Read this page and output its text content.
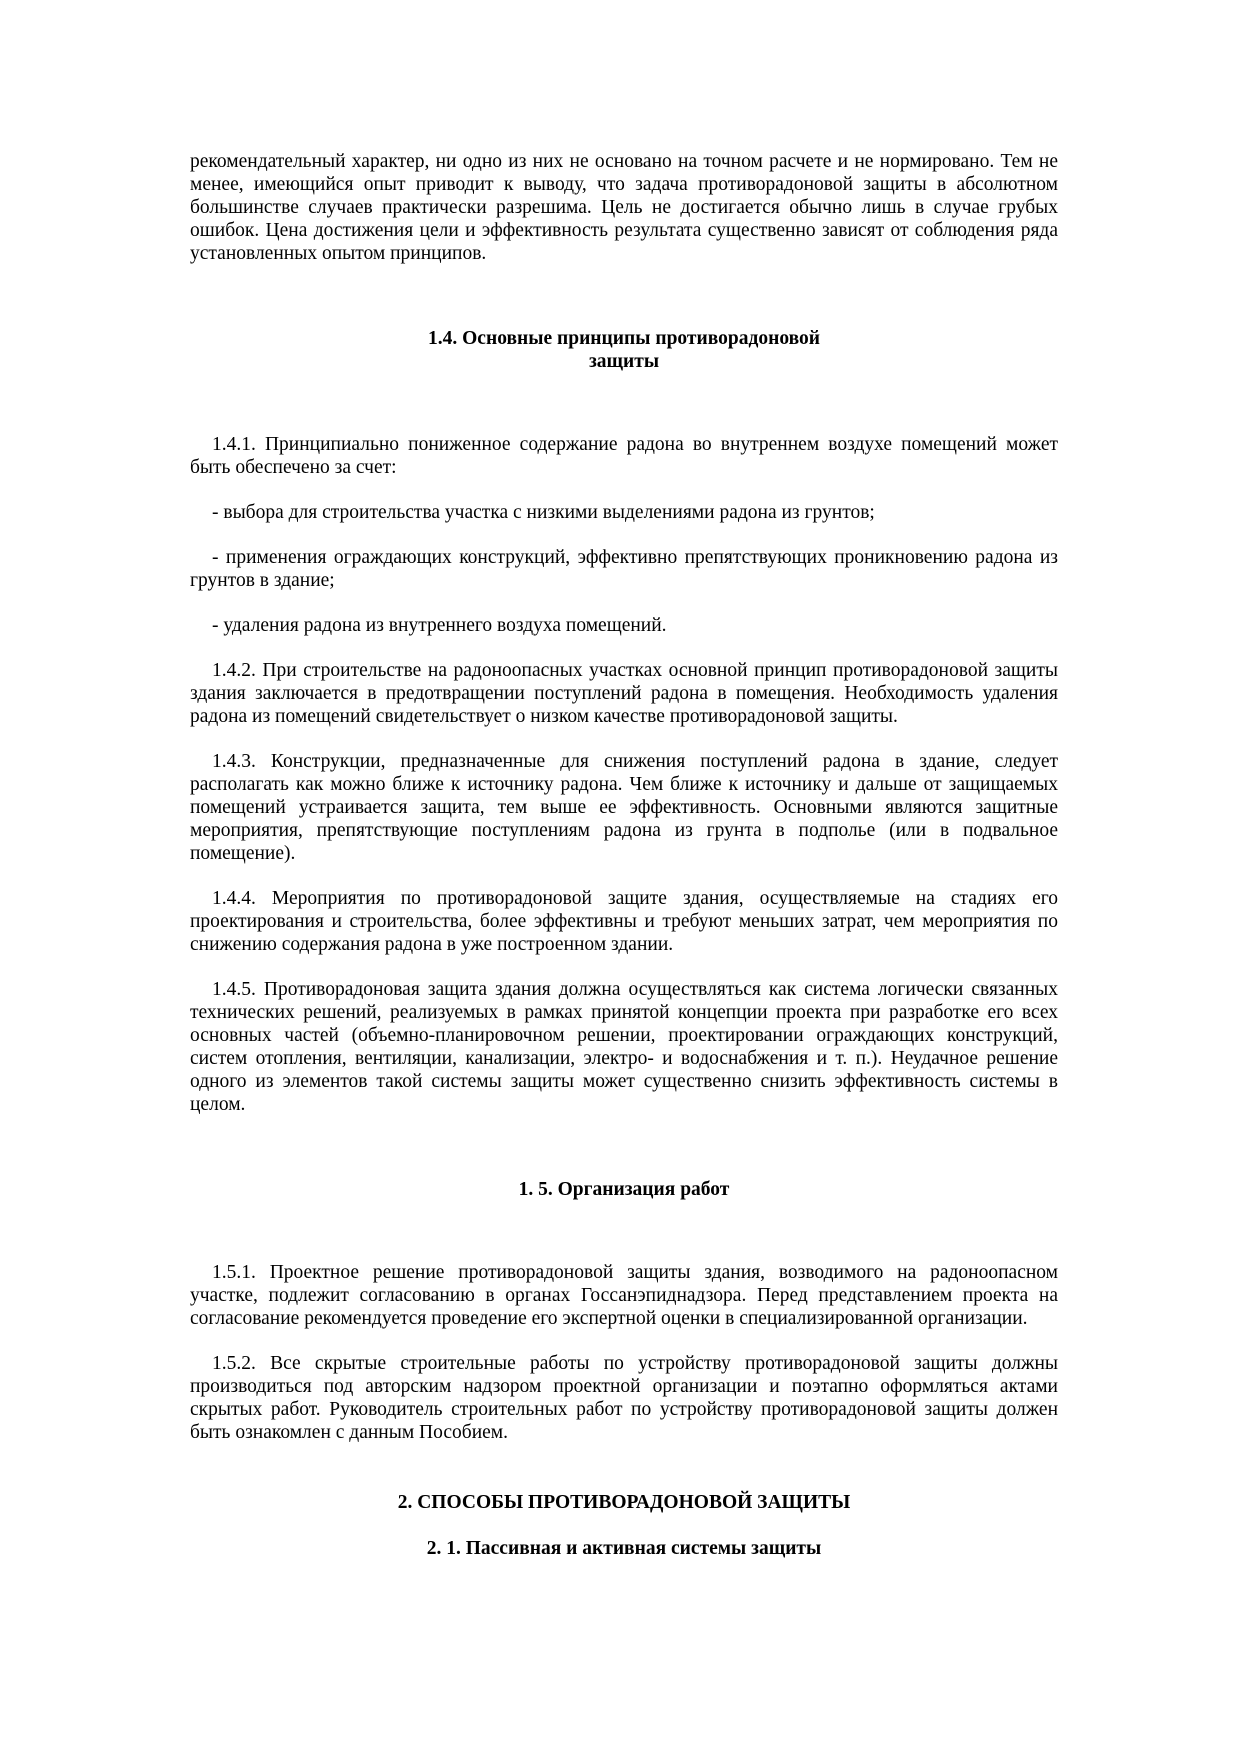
рекомендательный характер, ни одно из них не основано на точном расчете и не нормировано. Тем не менее, имеющийся опыт приводит к выводу, что задача противорадоновой защиты в абсолютном большинстве случаев практически разрешима. Цель не достигается обычно лишь в случае грубых ошибок. Цена достижения цели и эффективность результата существенно зависят от соблюдения ряда установленных опытом принципов.

1.4. Основные принципы противорадоновой
защиты

1.4.1. Принципиально пониженное содержание радона во внутреннем воздухе помещений может быть обеспечено за счет:

- выбора для строительства участка с низкими выделениями радона из грунтов;

- применения ограждающих конструкций, эффективно препятствующих проникновению радона из грунтов в здание;

- удаления радона из внутреннего воздуха помещений.

1.4.2. При строительстве на радоноопасных участках основной принцип противорадоновой защиты здания заключается в предотвращении поступлений радона в помещения. Необходимость удаления радона из помещений свидетельствует о низком качестве противорадоновой защиты.

1.4.3. Конструкции, предназначенные для снижения поступлений радона в здание, следует располагать как можно ближе к источнику радона. Чем ближе к источнику и дальше от защищаемых помещений устраивается защита, тем выше ее эффективность. Основными являются защитные мероприятия, препятствующие поступлениям радона из грунта в подполье (или в подвальное помещение).

1.4.4. Мероприятия по противорадоновой защите здания, осуществляемые на стадиях его проектирования и строительства, более эффективны и требуют меньших затрат, чем мероприятия по снижению содержания радона в уже построенном здании.

1.4.5. Противорадоновая защита здания должна осуществляться как система логически связанных технических решений, реализуемых в рамках принятой концепции проекта при разработке его всех основных частей (объемно-планировочном решении, проектировании ограждающих конструкций, систем отопления, вентиляции, канализации, электро- и водоснабжения и т. п.). Неудачное решение одного из элементов такой системы защиты может существенно снизить эффективность системы в целом.

1. 5. Организация работ

1.5.1. Проектное решение противорадоновой защиты здания, возводимого на радоноопасном участке, подлежит согласованию в органах Госсанэпиднадзора. Перед представлением проекта на согласование рекомендуется проведение его экспертной оценки в специализированной организации.

1.5.2. Все скрытые строительные работы по устройству противорадоновой защиты должны производиться под авторским надзором проектной организации и поэтапно оформляться актами скрытых работ. Руководитель строительных работ по устройству противорадоновой защиты должен быть ознакомлен с данным Пособием.

2. СПОСОБЫ ПРОТИВОРАДОНОВОЙ ЗАЩИТЫ
2. 1. Пассивная и активная системы защиты
